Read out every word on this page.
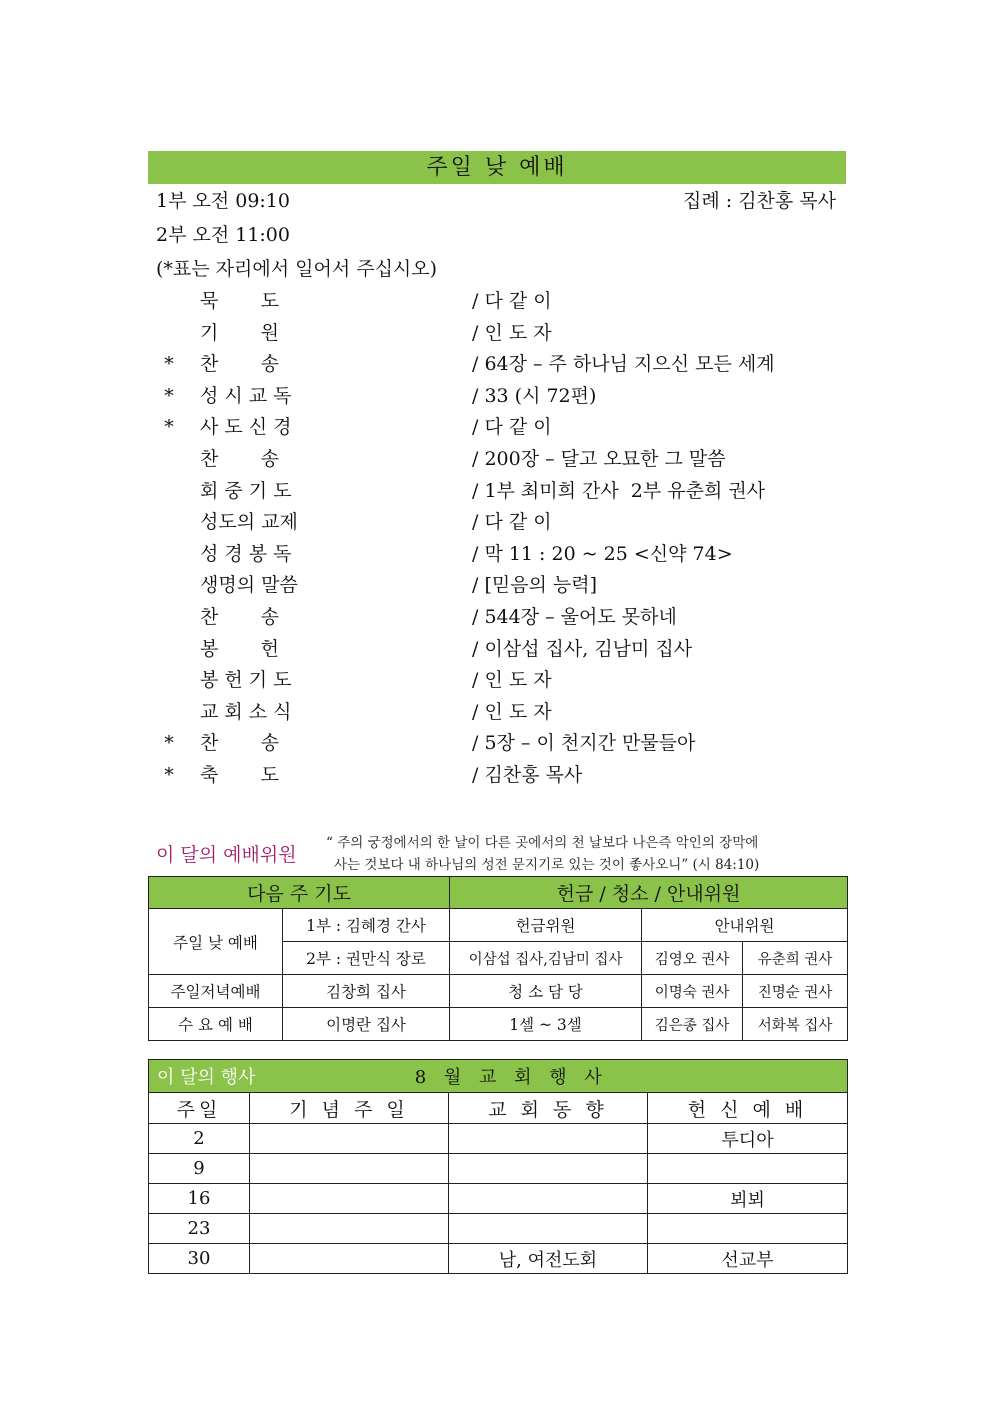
주일 낮 예배
1부 오전 09:10	집례 : 김찬홍 목사
2부 오전 11:00
(*표는 자리에서 일어서 주십시오)
묵       도	/ 다 같 이
기       원	/ 인 도 자
* 찬       송	/ 64장 – 주 하나님 지으신 모든 세계
* 성 시 교 독	/ 33 (시 72편)
* 사 도 신 경	/ 다 같 이
찬       송	/ 200장 – 달고 오묘한 그 말씀
회 중 기 도	/ 1부 최미희 간사  2부 유춘희 권사
성도의 교제	/ 다 같 이
성 경 봉 독	/ 막 11 : 20 ~ 25 <신약 74>
생명의 말씀	/ [믿음의 능력]
찬       송	/ 544장 – 울어도 못하네
봉       헌	/ 이삼섭 집사, 김남미 집사
봉 헌 기 도	/ 인 도 자
교 회 소 식	/ 인 도 자
* 찬       송	/ 5장 – 이 천지간 만물들아
* 축       도	/ 김찬홍 목사
이 달의 예배위원
“ 주의 궁정에서의 한 날이 다른 곳에서의 천 날보다 나은즉 악인의 장막에
사는 것보다 내 하나님의 성전 문지기로 있는 것이 좋사오니” (시 84:10)
다음 주 기도		헌금 / 청소 / 안내위원		
주일 낮 예배	1부 : 김혜경 간사	헌금위원	안내위원	
	2부 : 권만식 장로	이삼섭 집사,김남미 집사	김영오 권사	유춘희 권사
주일저녁예배	김창희 집사	청 소 담 당	이명숙 권사	진명순 권사
수 요 예 배	이명란 집사	1셀 ~ 3셀	김은종 집사	서화복 집사
이 달의 행사 8 월 교 회 행 사			
주일	기 념 주 일	교 회 동 향	헌 신 예 배
2			투디아
9			
16			뵈뵈
23			
30		남, 여전도회	선교부
